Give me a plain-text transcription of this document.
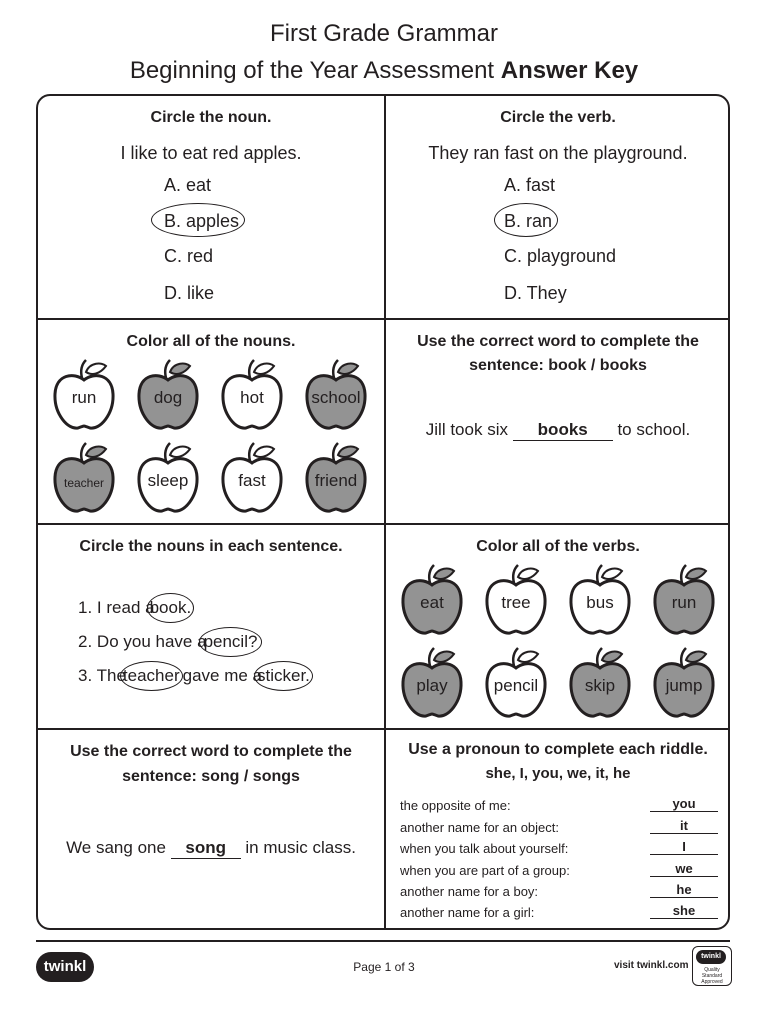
First Grade Grammar
Beginning of the Year Assessment Answer Key
Circle the noun.
I like to eat red apples.
A. eat
B. apples
C. red
D. like
Circle the verb.
They ran fast on the playground.
A. fast
B. ran
C. playground
D. They
Color all of the nouns.
run	dog	hot	school
teacher	sleep	fast	friend
Use the correct word to complete the
sentence: book / books
Jill took six books to school.
Circle the nouns in each sentence.
1. I read abook.
2. Do you have apencil?
3. Theteacher gave me asticker.
Color all of the verbs.
eat	tree	bus	run
play	pencil	skip	jump
Use the correct word to complete the
sentence: song / songs
We sang one song in music class.
Use a pronoun to complete each riddle.
she, I, you, we, it, he
the opposite of me:	you
another name for an object:	it
when you talk about yourself:	I
when you are part of a group:	we
another name for a boy:	he
another name for a girl:	she
twinkl	Page 1 of 3	visit twinkl.com
twinkl
Quality Standard Approved
